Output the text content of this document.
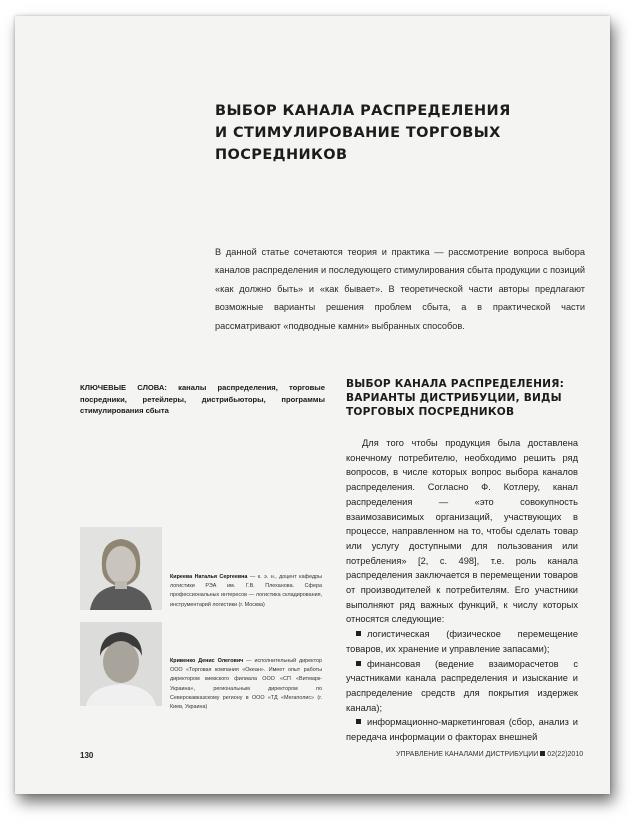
ВЫБОР КАНАЛА РАСПРЕДЕЛЕНИЯ
И СТИМУЛИРОВАНИЕ ТОРГОВЫХ
ПОСРЕДНИКОВ

В данной статье сочетаются теория и практика — рассмотрение вопроса выбора каналов распределения и последующего стимулирования сбыта продукции с позиций «как должно быть» и «как бывает». В теоретической части авторы предлагают возможные варианты решения проблем сбыта, а в практической части рассматривают «подводные камни» выбранных способов.

КЛЮЧЕВЫЕ СЛОВА: каналы распределения, торговые посредники, ретейлеры, дистрибьюторы, программы стимулирования сбыта

Киреева Наталья Сергеевна — к. э. н., доцент кафедры логистики РЭА им. Г.В. Плеханова. Сфера профессиональных интересов — логистика складирования, инструментарий логистики (г. Москва)

Кривенко Денис Олегович — исполнительный директор ООО «Торговая компания «Океан». Имеет опыт работы директором киевского филиала ООО «СП «Витмарк-Украина», региональным директором по Северокавказскому региону в ООО «ТД «Мегаполис» (г. Киев, Украина)

ВЫБОР КАНАЛА РАСПРЕДЕЛЕНИЯ:
ВАРИАНТЫ ДИСТРИБУЦИИ, ВИДЫ
ТОРГОВЫХ ПОСРЕДНИКОВ

Для того чтобы продукция была доставлена конечному потребителю, необходимо решить ряд вопросов, в числе которых вопрос выбора каналов распределения. Согласно Ф. Котлеру, канал распределения — «это совокупность взаимозависимых организаций, участвующих в процессе, направленном на то, чтобы сделать товар или услугу доступными для пользования или потребления» [2, с. 498], т.е. роль канала распределения заключается в перемещении товаров от производителей к потребителям. Его участники выполняют ряд важных функций, к числу которых относятся следующие:

логистическая (физическое перемещение товаров, их хранение и управление запасами);

финансовая (ведение взаиморасчетов с участниками канала распределения и изыскание и распределение средств для покрытия издержек канала);

информационно-маркетинговая (сбор, анализ и передача информации о факторах внешней

130	УПРАВЛЕНИЕ КАНАЛАМИ ДИСТРИБУЦИИ 02(22)2010
